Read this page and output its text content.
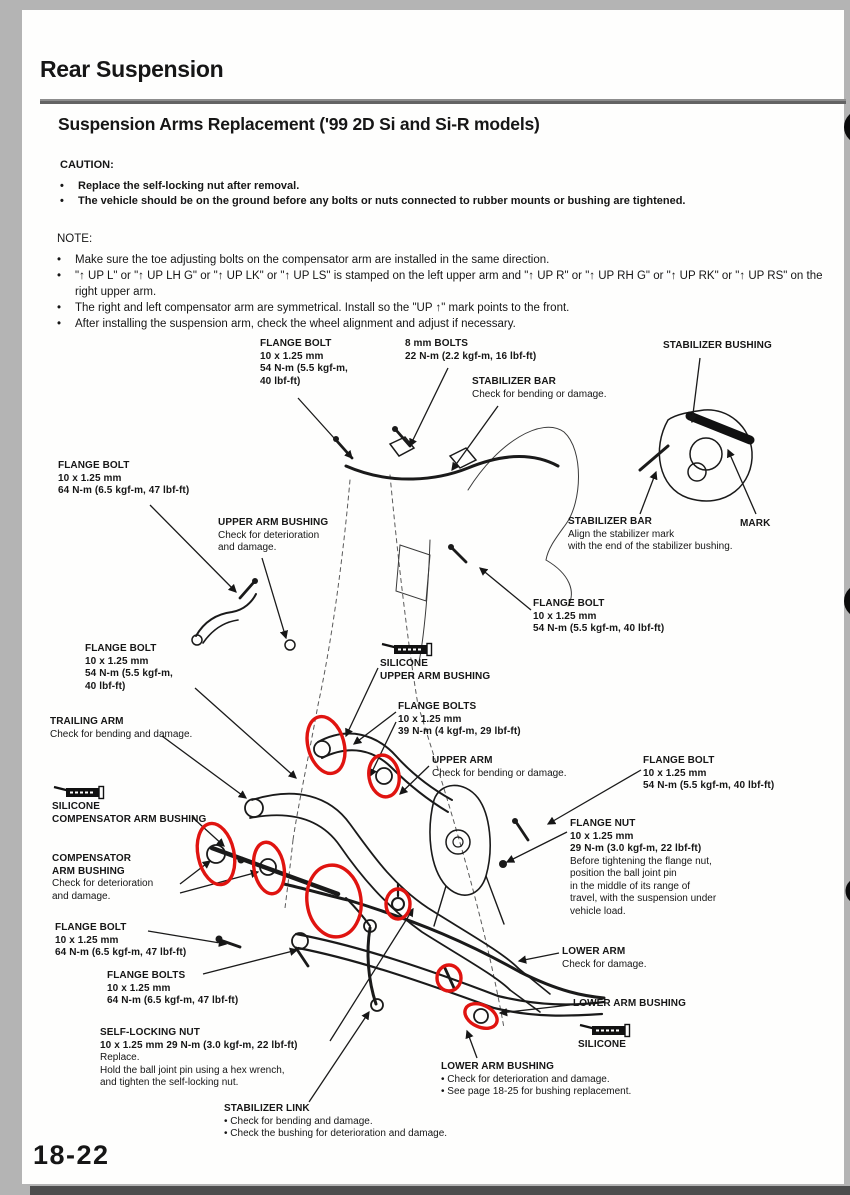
Rear Suspension
Suspension Arms Replacement ('99 2D Si and Si-R models)
CAUTION:
• Replace the self-locking nut after removal.
• The vehicle should be on the ground before any bolts or nuts connected to rubber mounts or bushing are tightened.
NOTE:
• Make sure the toe adjusting bolts on the compensator arm are installed in the same direction.
• "↑ UP L" or "↑ UP LH G" or "↑ UP LK" or "↑ UP LS" is stamped on the left upper arm and "↑ UP R" or "↑ UP RH G" or "↑ UP RK" or "↑ UP RS" on the right upper arm.
• The right and left compensator arm are symmetrical. Install so the "UP ↑" mark points to the front.
• After installing the suspension arm, check the wheel alignment and adjust if necessary.
FLANGE BOLT
10 x 1.25 mm
54 N-m (5.5 kgf-m,
40 lbf-ft)
8 mm BOLTS
22 N-m (2.2 kgf-m, 16 lbf-ft)
STABILIZER BAR
Check for bending or damage.
STABILIZER BUSHING
FLANGE BOLT
10 x 1.25 mm
64 N-m (6.5 kgf-m, 47 lbf-ft)
UPPER ARM BUSHING
Check for deterioration
and damage.
STABILIZER BAR
Align the stabilizer mark
with the end of the stabilizer bushing.
MARK
FLANGE BOLT
10 x 1.25 mm
54 N-m (5.5 kgf-m, 40 lbf-ft)
SILICONE
UPPER ARM BUSHING
FLANGE BOLT
10 x 1.25 mm
54 N-m (5.5 kgf-m,
40 lbf-ft)
FLANGE BOLTS
10 x 1.25 mm
39 N-m (4 kgf-m, 29 lbf-ft)
TRAILING ARM
Check for bending and damage.
UPPER ARM
Check for bending or damage.
FLANGE BOLT
10 x 1.25 mm
54 N-m (5.5 kgf-m, 40 lbf-ft)
SILICONE
COMPENSATOR ARM BUSHING	FLANGE NUT
10 x 1.25 mm
29 N-m (3.0 kgf-m, 22 lbf-ft)
Before tightening the flange nut,
position the ball joint pin
in the middle of its range of
travel, with the suspension under
vehicle load.
COMPENSATOR
ARM BUSHING
Check for deterioration
and damage.
FLANGE BOLT
10 x 1.25 mm
64 N-m (6.5 kgf-m, 47 lbf-ft)
FLANGE BOLTS
10 x 1.25 mm
64 N-m (6.5 kgf-m, 47 lbf-ft)
SELF-LOCKING NUT
10 x 1.25 mm 29 N-m (3.0 kgf-m, 22 lbf-ft)
Replace.
Hold the ball joint pin using a hex wrench,
and tighten the self-locking nut.
LOWER ARM
Check for damage.
LOWER ARM BUSHING
SILICONE
LOWER ARM BUSHING
• Check for deterioration and damage.
• See page 18-25 for bushing replacement.
STABILIZER LINK
• Check for bending and damage.
• Check the bushing for deterioration and damage.
18-22
